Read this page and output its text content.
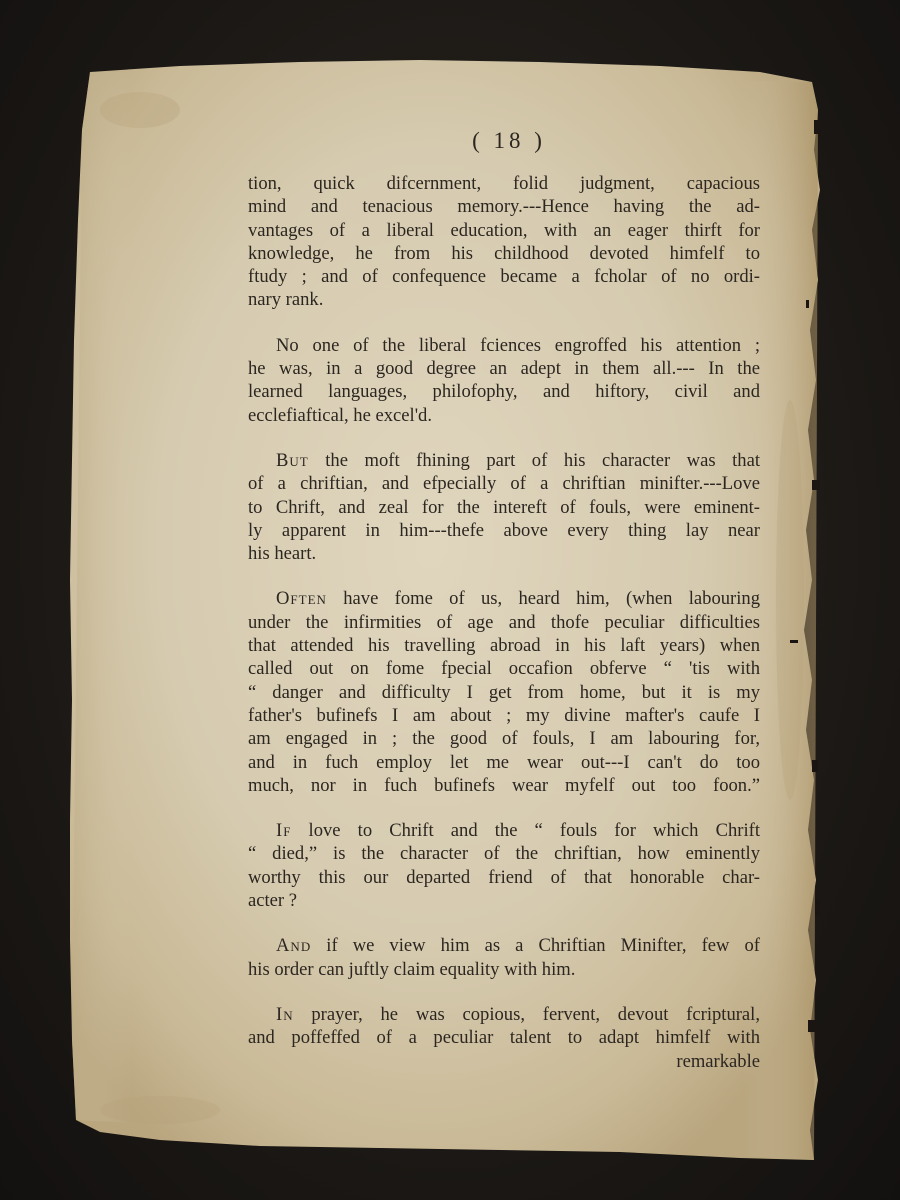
( 18 )
tion, quick difcernment, folid judgment, capacious
mind and tenacious memory.---Hence having the ad-
vantages of a liberal education, with an eager thirft for
knowledge, he from his childhood devoted himfelf to
ftudy ; and of confequence became a fcholar of no ordi-
nary rank.
No one of the liberal fciences engroffed his attention ;
he was, in a good degree an adept in them all.--- In the
learned languages, philofophy, and hiftory, civil and
ecclefiaftical, he excel'd.
But the moft fhining part of his character was that
of a chriftian, and efpecially of a chriftian minifter.---Love
to Chrift, and zeal for the intereft of fouls, were eminent-
ly apparent in him---thefe above every thing lay near
his heart.
Often have fome of us, heard him, (when labouring
under the infirmities of age and thofe peculiar difficulties
that attended his travelling abroad in his laft years) when
called out on fome fpecial occafion obferve “ 'tis with
“ danger and difficulty I get from home, but it is my
father's bufinefs I am about ; my divine mafter's caufe I
am engaged in ; the good of fouls, I am labouring for,
and in fuch employ let me wear out---I can't do too
much, nor in fuch bufinefs wear myfelf out too foon.”
If love to Chrift and the “ fouls for which Chrift
“ died,” is the character of the chriftian, how eminently
worthy this our departed friend of that honorable char-
acter ?
And if we view him as a Chriftian Minifter, few of
his order can juftly claim equality with him.
In prayer, he was copious, fervent, devout fcriptural,
and poffeffed of a peculiar talent to adapt himfelf with
remarkable
